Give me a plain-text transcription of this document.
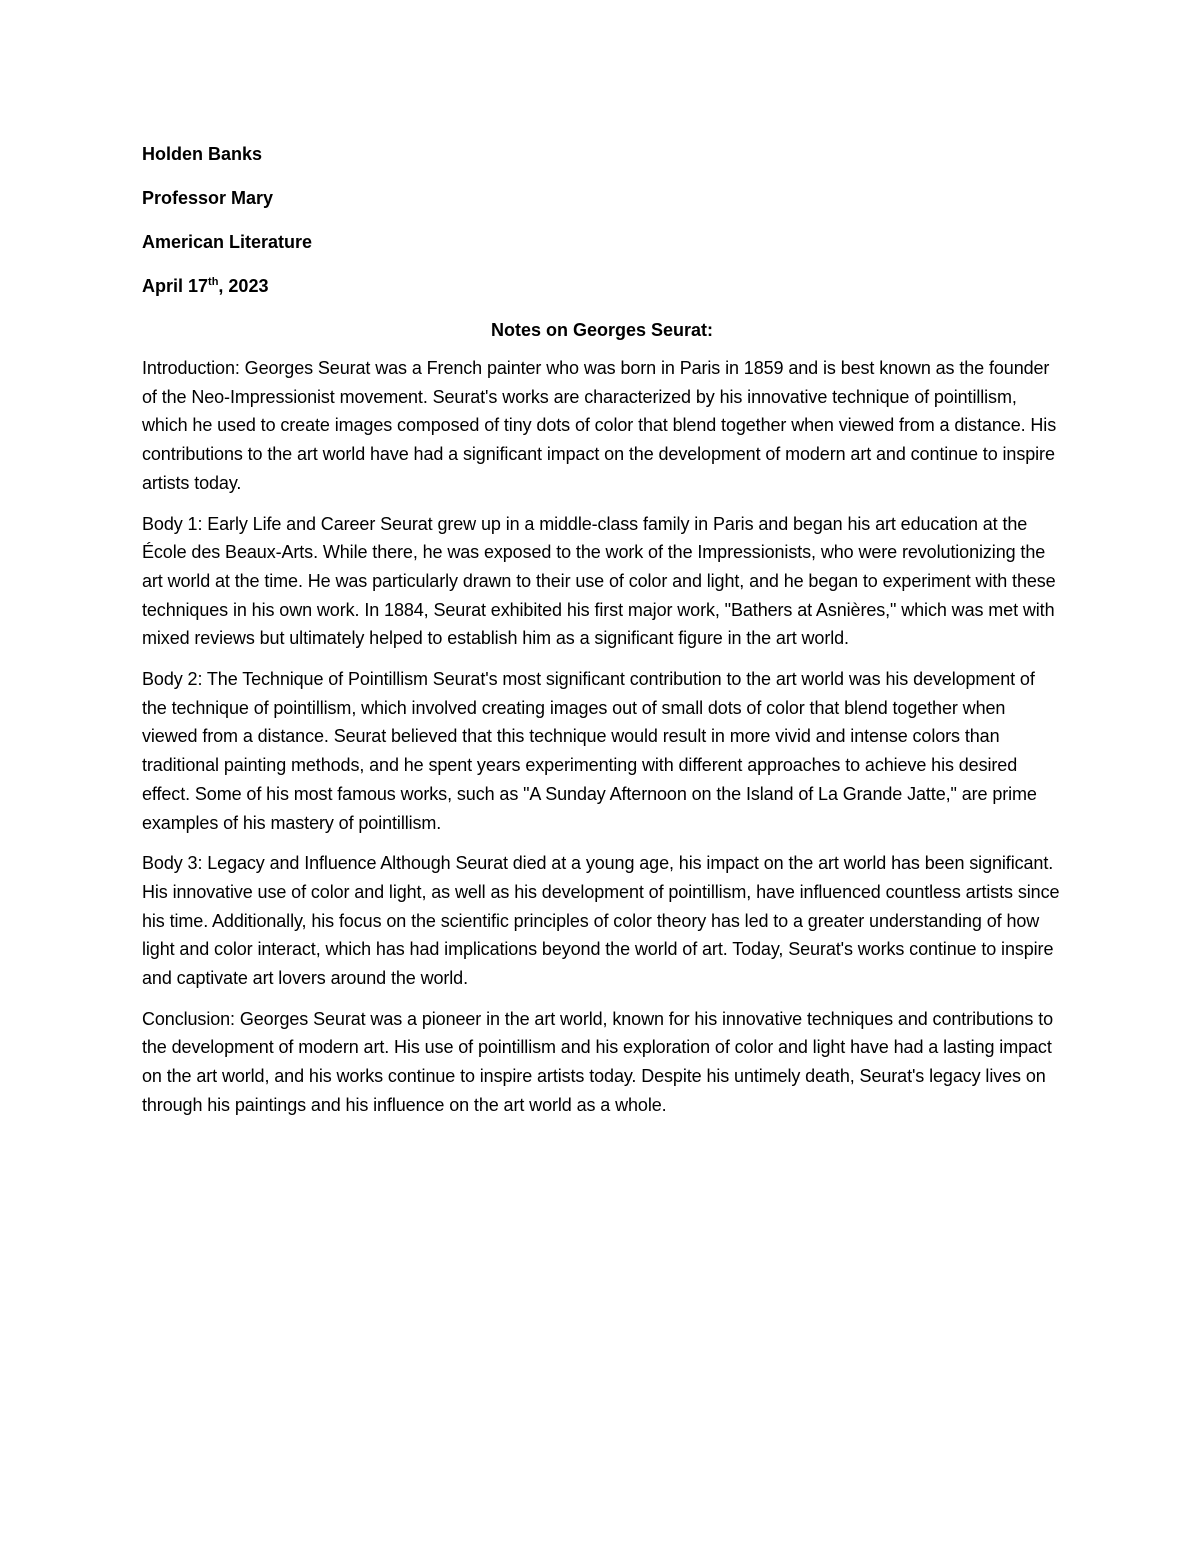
Holden Banks
Professor Mary
American Literature
April 17th, 2023
Notes on Georges Seurat:

Introduction: Georges Seurat was a French painter who was born in Paris in 1859 and is best known as the founder of the Neo-Impressionist movement. Seurat's works are characterized by his innovative technique of pointillism, which he used to create images composed of tiny dots of color that blend together when viewed from a distance. His contributions to the art world have had a significant impact on the development of modern art and continue to inspire artists today.

Body 1: Early Life and Career Seurat grew up in a middle-class family in Paris and began his art education at the École des Beaux-Arts. While there, he was exposed to the work of the Impressionists, who were revolutionizing the art world at the time. He was particularly drawn to their use of color and light, and he began to experiment with these techniques in his own work. In 1884, Seurat exhibited his first major work, "Bathers at Asnières," which was met with mixed reviews but ultimately helped to establish him as a significant figure in the art world.

Body 2: The Technique of Pointillism Seurat's most significant contribution to the art world was his development of the technique of pointillism, which involved creating images out of small dots of color that blend together when viewed from a distance. Seurat believed that this technique would result in more vivid and intense colors than traditional painting methods, and he spent years experimenting with different approaches to achieve his desired effect. Some of his most famous works, such as "A Sunday Afternoon on the Island of La Grande Jatte," are prime examples of his mastery of pointillism.

Body 3: Legacy and Influence Although Seurat died at a young age, his impact on the art world has been significant. His innovative use of color and light, as well as his development of pointillism, have influenced countless artists since his time. Additionally, his focus on the scientific principles of color theory has led to a greater understanding of how light and color interact, which has had implications beyond the world of art. Today, Seurat's works continue to inspire and captivate art lovers around the world.

Conclusion: Georges Seurat was a pioneer in the art world, known for his innovative techniques and contributions to the development of modern art. His use of pointillism and his exploration of color and light have had a lasting impact on the art world, and his works continue to inspire artists today. Despite his untimely death, Seurat's legacy lives on through his paintings and his influence on the art world as a whole.
